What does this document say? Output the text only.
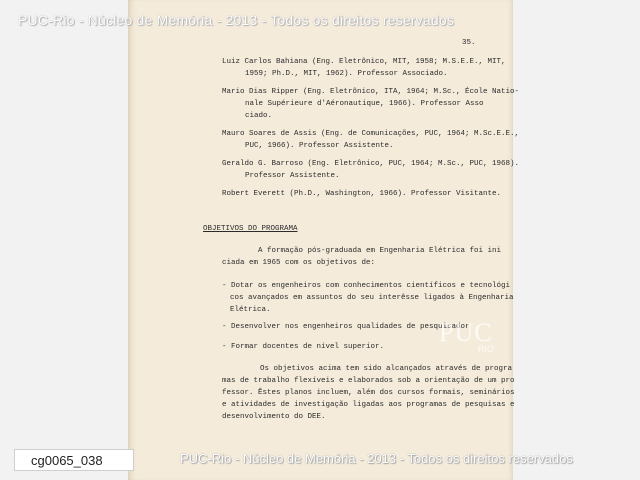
35.
Luiz Carlos Bahiana (Eng. Eletrônico, MIT, 1958; M.S.E.E., MIT,
1959; Ph.D., MIT, 1962). Professor Associado.
Mario Dias Ripper (Eng. Eletrônico, ITA, 1964; M.Sc., École Natio-
nale Supérieure d'Aéronautique, 1966). Professor Asso
ciado.
Mauro Soares de Assis (Eng. de Comunicações, PUC, 1964; M.Sc.E.E.,
PUC, 1966). Professor Assistente.
Geraldo G. Barroso (Eng. Eletrônico, PUC, 1964; M.Sc., PUC, 1968).
Professor Assistente.
Robert Everett (Ph.D., Washington, 1966). Professor Visitante.
OBJETIVOS DO PROGRAMA
A formação pós-graduada em Engenharia Elétrica foi ini
ciada em 1965 com os objetivos de:
- Dotar os engenheiros com conhecimentos científicos e tecnológi
cos avançados em assuntos do seu interêsse ligados à Engenharia
Elétrica.
- Desenvolver nos engenheiros qualidades de pesquisador
- Formar docentes de nível superior.
Os objetivos acima tem sido alcançados através de progra
mas de trabalho flexíveis e elaborados sob a orientação de um pro
fessor. Êstes planos incluem, além dos cursos formais, seminários
e atividades de investigação ligadas aos programas de pesquisas e
desenvolvimento do DEE.
PUC
RIO
PUC-Rio - Núcleo de Memória - 2013 - Todos os direitos reservados
PUC-Rio - Núcleo de Memória - 2013 - Todos os direitos reservados
cg0065_038
